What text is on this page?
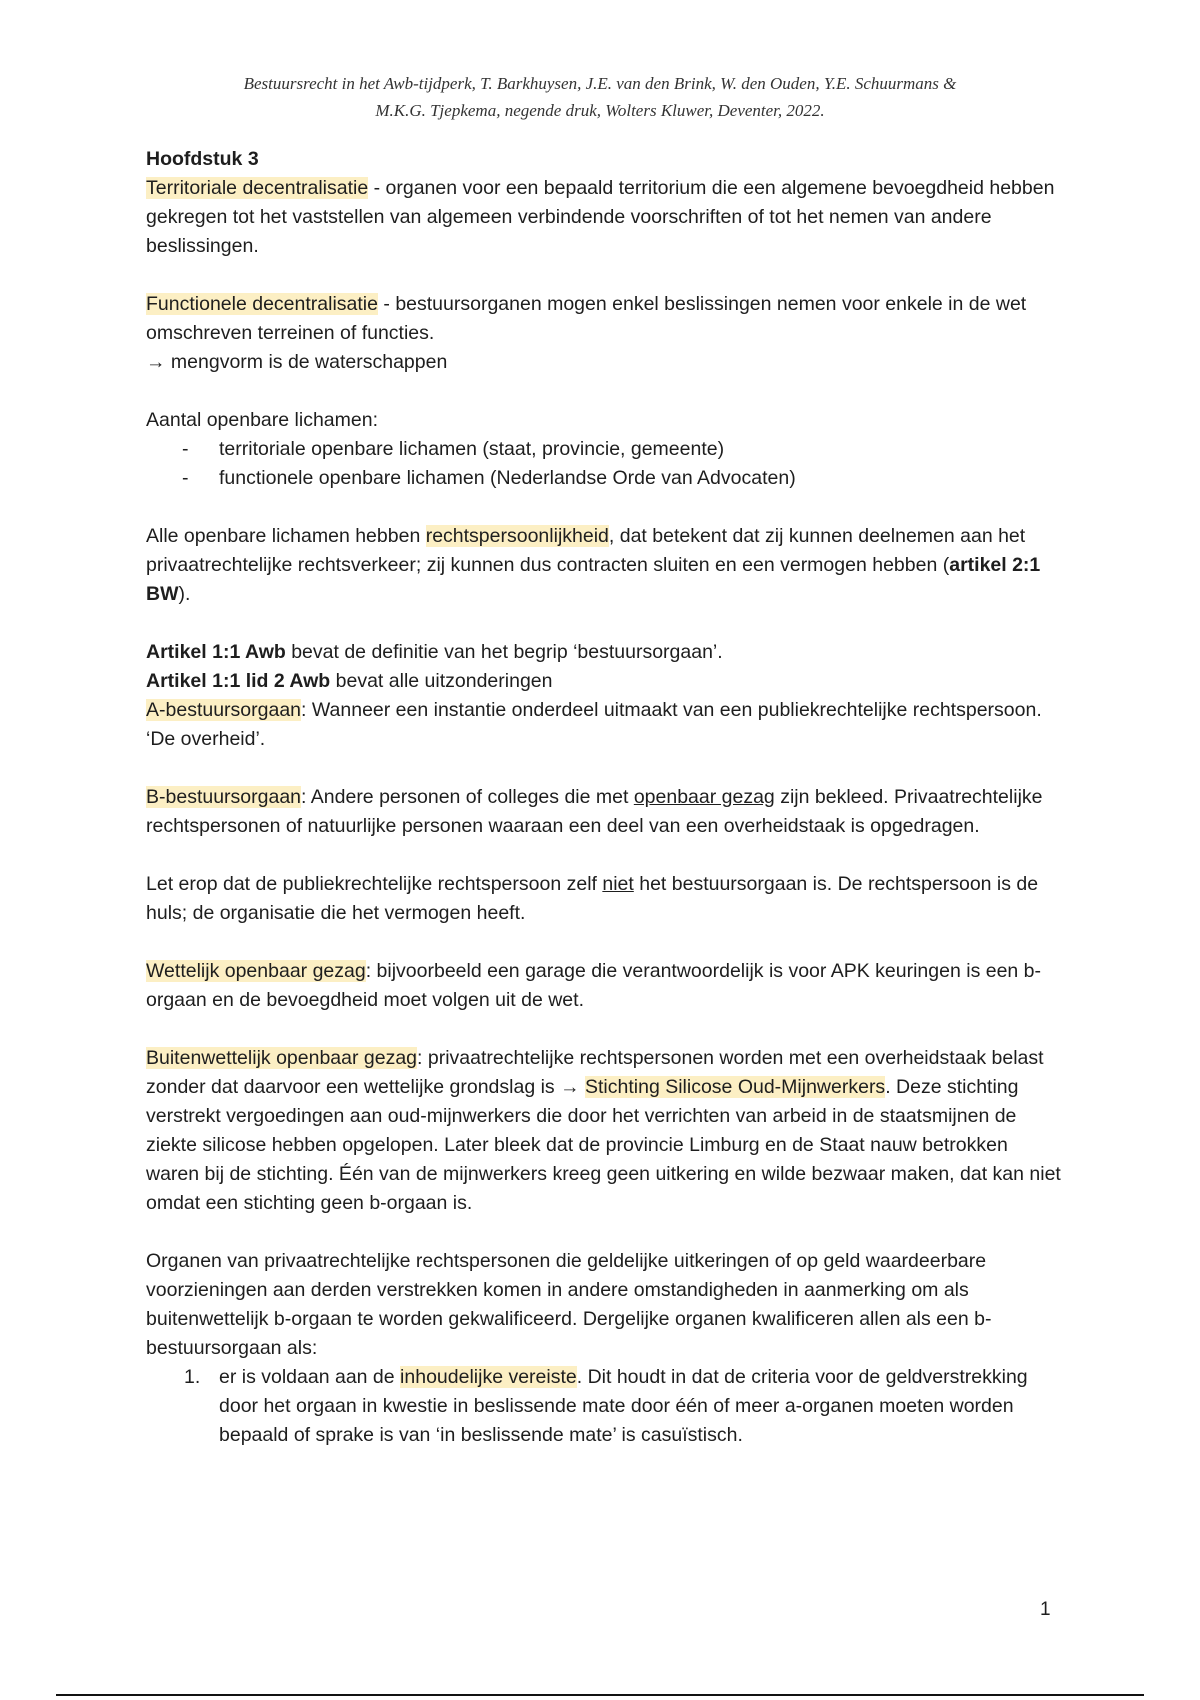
Bestuursrecht in het Awb-tijdperk, T. Barkhuysen, J.E. van den Brink, W. den Ouden, Y.E. Schuurmans &
M.K.G. Tjepkema, negende druk, Wolters Kluwer, Deventer, 2022.

Hoofdstuk 3

Territoriale decentralisatie - organen voor een bepaald territorium die een algemene bevoegdheid hebben gekregen tot het vaststellen van algemeen verbindende voorschriften of tot het nemen van andere beslissingen.

Functionele decentralisatie - bestuursorganen mogen enkel beslissingen nemen voor enkele in de wet omschreven terreinen of functies.

→ mengvorm is de waterschappen

Aantal openbare lichamen:

- territoriale openbare lichamen (staat, provincie, gemeente)
- functionele openbare lichamen (Nederlandse Orde van Advocaten)

Alle openbare lichamen hebben rechtspersoonlijkheid, dat betekent dat zij kunnen deelnemen aan het privaatrechtelijke rechtsverkeer; zij kunnen dus contracten sluiten en een vermogen hebben (artikel 2:1 BW).

Artikel 1:1 Awb bevat de definitie van het begrip ‘bestuursorgaan’.

Artikel 1:1 lid 2 Awb bevat alle uitzonderingen

A-bestuursorgaan: Wanneer een instantie onderdeel uitmaakt van een publiekrechtelijke rechtspersoon. ‘De overheid’.

B-bestuursorgaan: Andere personen of colleges die met openbaar gezag zijn bekleed. Privaatrechtelijke rechtspersonen of natuurlijke personen waaraan een deel van een overheidstaak is opgedragen.

Let erop dat de publiekrechtelijke rechtspersoon zelf niet het bestuursorgaan is. De rechtspersoon is de huls; de organisatie die het vermogen heeft.

Wettelijk openbaar gezag: bijvoorbeeld een garage die verantwoordelijk is voor APK keuringen is een b-orgaan en de bevoegdheid moet volgen uit de wet.

Buitenwettelijk openbaar gezag: privaatrechtelijke rechtspersonen worden met een overheidstaak belast zonder dat daarvoor een wettelijke grondslag is → Stichting Silicose Oud-Mijnwerkers. Deze stichting verstrekt vergoedingen aan oud-mijnwerkers die door het verrichten van arbeid in de staatsmijnen de ziekte silicose hebben opgelopen. Later bleek dat de provincie Limburg en de Staat nauw betrokken waren bij de stichting. Één van de mijnwerkers kreeg geen uitkering en wilde bezwaar maken, dat kan niet omdat een stichting geen b-orgaan is.

Organen van privaatrechtelijke rechtspersonen die geldelijke uitkeringen of op geld waardeerbare voorzieningen aan derden verstrekken komen in andere omstandigheden in aanmerking om als buitenwettelijk b-orgaan te worden gekwalificeerd. Dergelijke organen kwalificeren allen als een b-bestuursorgaan als:

1. er is voldaan aan de inhoudelijke vereiste. Dit houdt in dat de criteria voor de geldverstrekking door het orgaan in kwestie in beslissende mate door één of meer a-organen moeten worden bepaald of sprake is van ‘in beslissende mate’ is casuïstisch.
1
